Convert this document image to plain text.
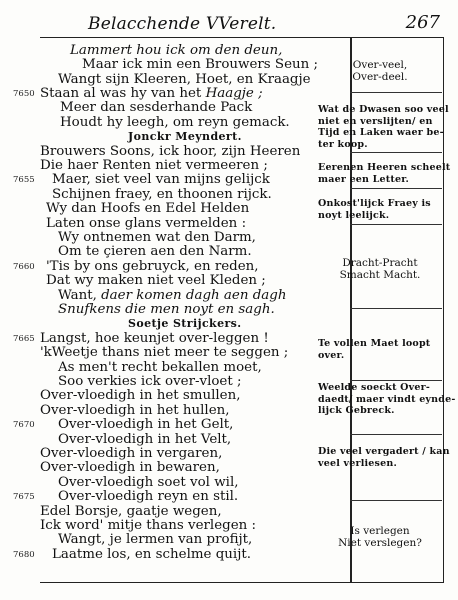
Belacchende VVerelt.	267
Lammert hou ick om den deun,
Maar ick min een Brouwers Seun ;
Wangt sijn Kleeren, Hoet, en Kraagje
Staan al was hy van het Haagje ;
Meer dan sesderhande Pack
Houdt hy leegh, om reyn gemack.
Jonckr Meyndert.
Brouwers Soons, ick hoor, zijn Heeren
Die haer Renten niet vermeeren ;
Maer, siet veel van mijns gelijck
Schijnen fraey, en thoonen rijck.
Wy dan Hoofs en Edel Helden
Laten onse glans vermelden :
Wy ontnemen wat den Darm,
Om te çieren aen den Narm.
'Tis by ons gebruyck, en reden,
Dat wy maken niet veel Kleden ;
Want, daer komen dagh aen dagh
Snufkens die men noyt en sagh.
Soetje Strijckers.
Langst, hoe keunjet over-leggen !
'kWeetje thans niet meer te seggen ;
As men't recht bekallen moet,
Soo verkies ick over-vloet ;
Over-vloedigh in het smullen,
Over-vloedigh in het hullen,
Over-vloedigh in het Gelt,
Over-vloedigh in het Velt,
Over-vloedigh in vergaren,
Over-vloedigh in bewaren,
Over-vloedigh soet vol wil,
Over-vloedigh reyn en stil.
Edel Borsje, gaatje wegen,
Ick word' mitje thans verlegen :
Wangt, je lermen van profijt,
Laatme los, en schelme quijt.
7650
7655
7660
7665
7670
7675
7680
Over-veel,
Over-deel.
Wat de Dwasen soo veel
niet en verslijten/ en
Tijd en Laken waer be-
ter koop.
Eerenen Heeren scheelt
maer een Letter.
Onkost'lijck Fraey is
noyt leelijck.
Dracht-Pracht
Smacht Macht.
Te vollen Maet loopt
over.
Weelde soeckt Over-
daedt/ maer vindt eynde-
lijck Gebreck.
Die veel vergadert / kan
veel verliesen.
Is verlegen
Niet verslegen?
